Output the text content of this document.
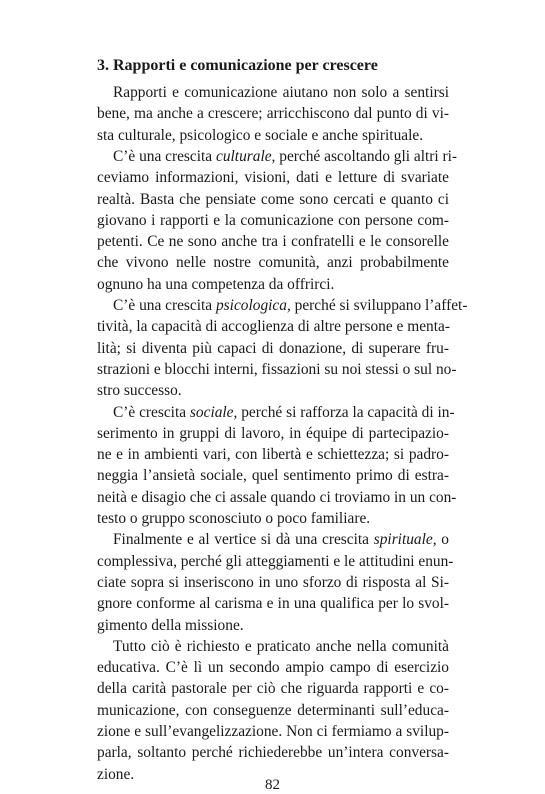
3. Rapporti e comunicazione per crescere
Rapporti e comunicazione aiutano non solo a sentirsi
bene, ma anche a crescere; arricchiscono dal punto di vi-
sta culturale, psicologico e sociale e anche spirituale.
C’è una crescita culturale, perché ascoltando gli altri ri-
ceviamo informazioni, visioni, dati e letture di svariate
realtà. Basta che pensiate come sono cercati e quanto ci
giovano i rapporti e la comunicazione con persone com-
petenti. Ce ne sono anche tra i confratelli e le consorelle
che vivono nelle nostre comunità, anzi probabilmente
ognuno ha una competenza da offrirci.
C’è una crescita psicologica, perché si sviluppano l’affet-
tività, la capacità di accoglienza di altre persone e menta-
lità; si diventa più capaci di donazione, di superare fru-
strazioni e blocchi interni, fissazioni su noi stessi o sul no-
stro successo.
C’è crescita sociale, perché si rafforza la capacità di in-
serimento in gruppi di lavoro, in équipe di partecipazio-
ne e in ambienti vari, con libertà e schiettezza; si padro-
neggia l’ansietà sociale, quel sentimento primo di estra-
neità e disagio che ci assale quando ci troviamo in un con-
testo o gruppo sconosciuto o poco familiare.
Finalmente e al vertice si dà una crescita spirituale, o
complessiva, perché gli atteggiamenti e le attitudini enun-
ciate sopra si inseriscono in uno sforzo di risposta al Si-
gnore conforme al carisma e in una qualifica per lo svol-
gimento della missione.
Tutto ciò è richiesto e praticato anche nella comunità
educativa. C’è lì un secondo ampio campo di esercizio
della carità pastorale per ciò che riguarda rapporti e co-
municazione, con conseguenze determinanti sull’educa-
zione e sull’evangelizzazione. Non ci fermiamo a svilup-
parla, soltanto perché richiederebbe un’intera conversa-
zione.
82
